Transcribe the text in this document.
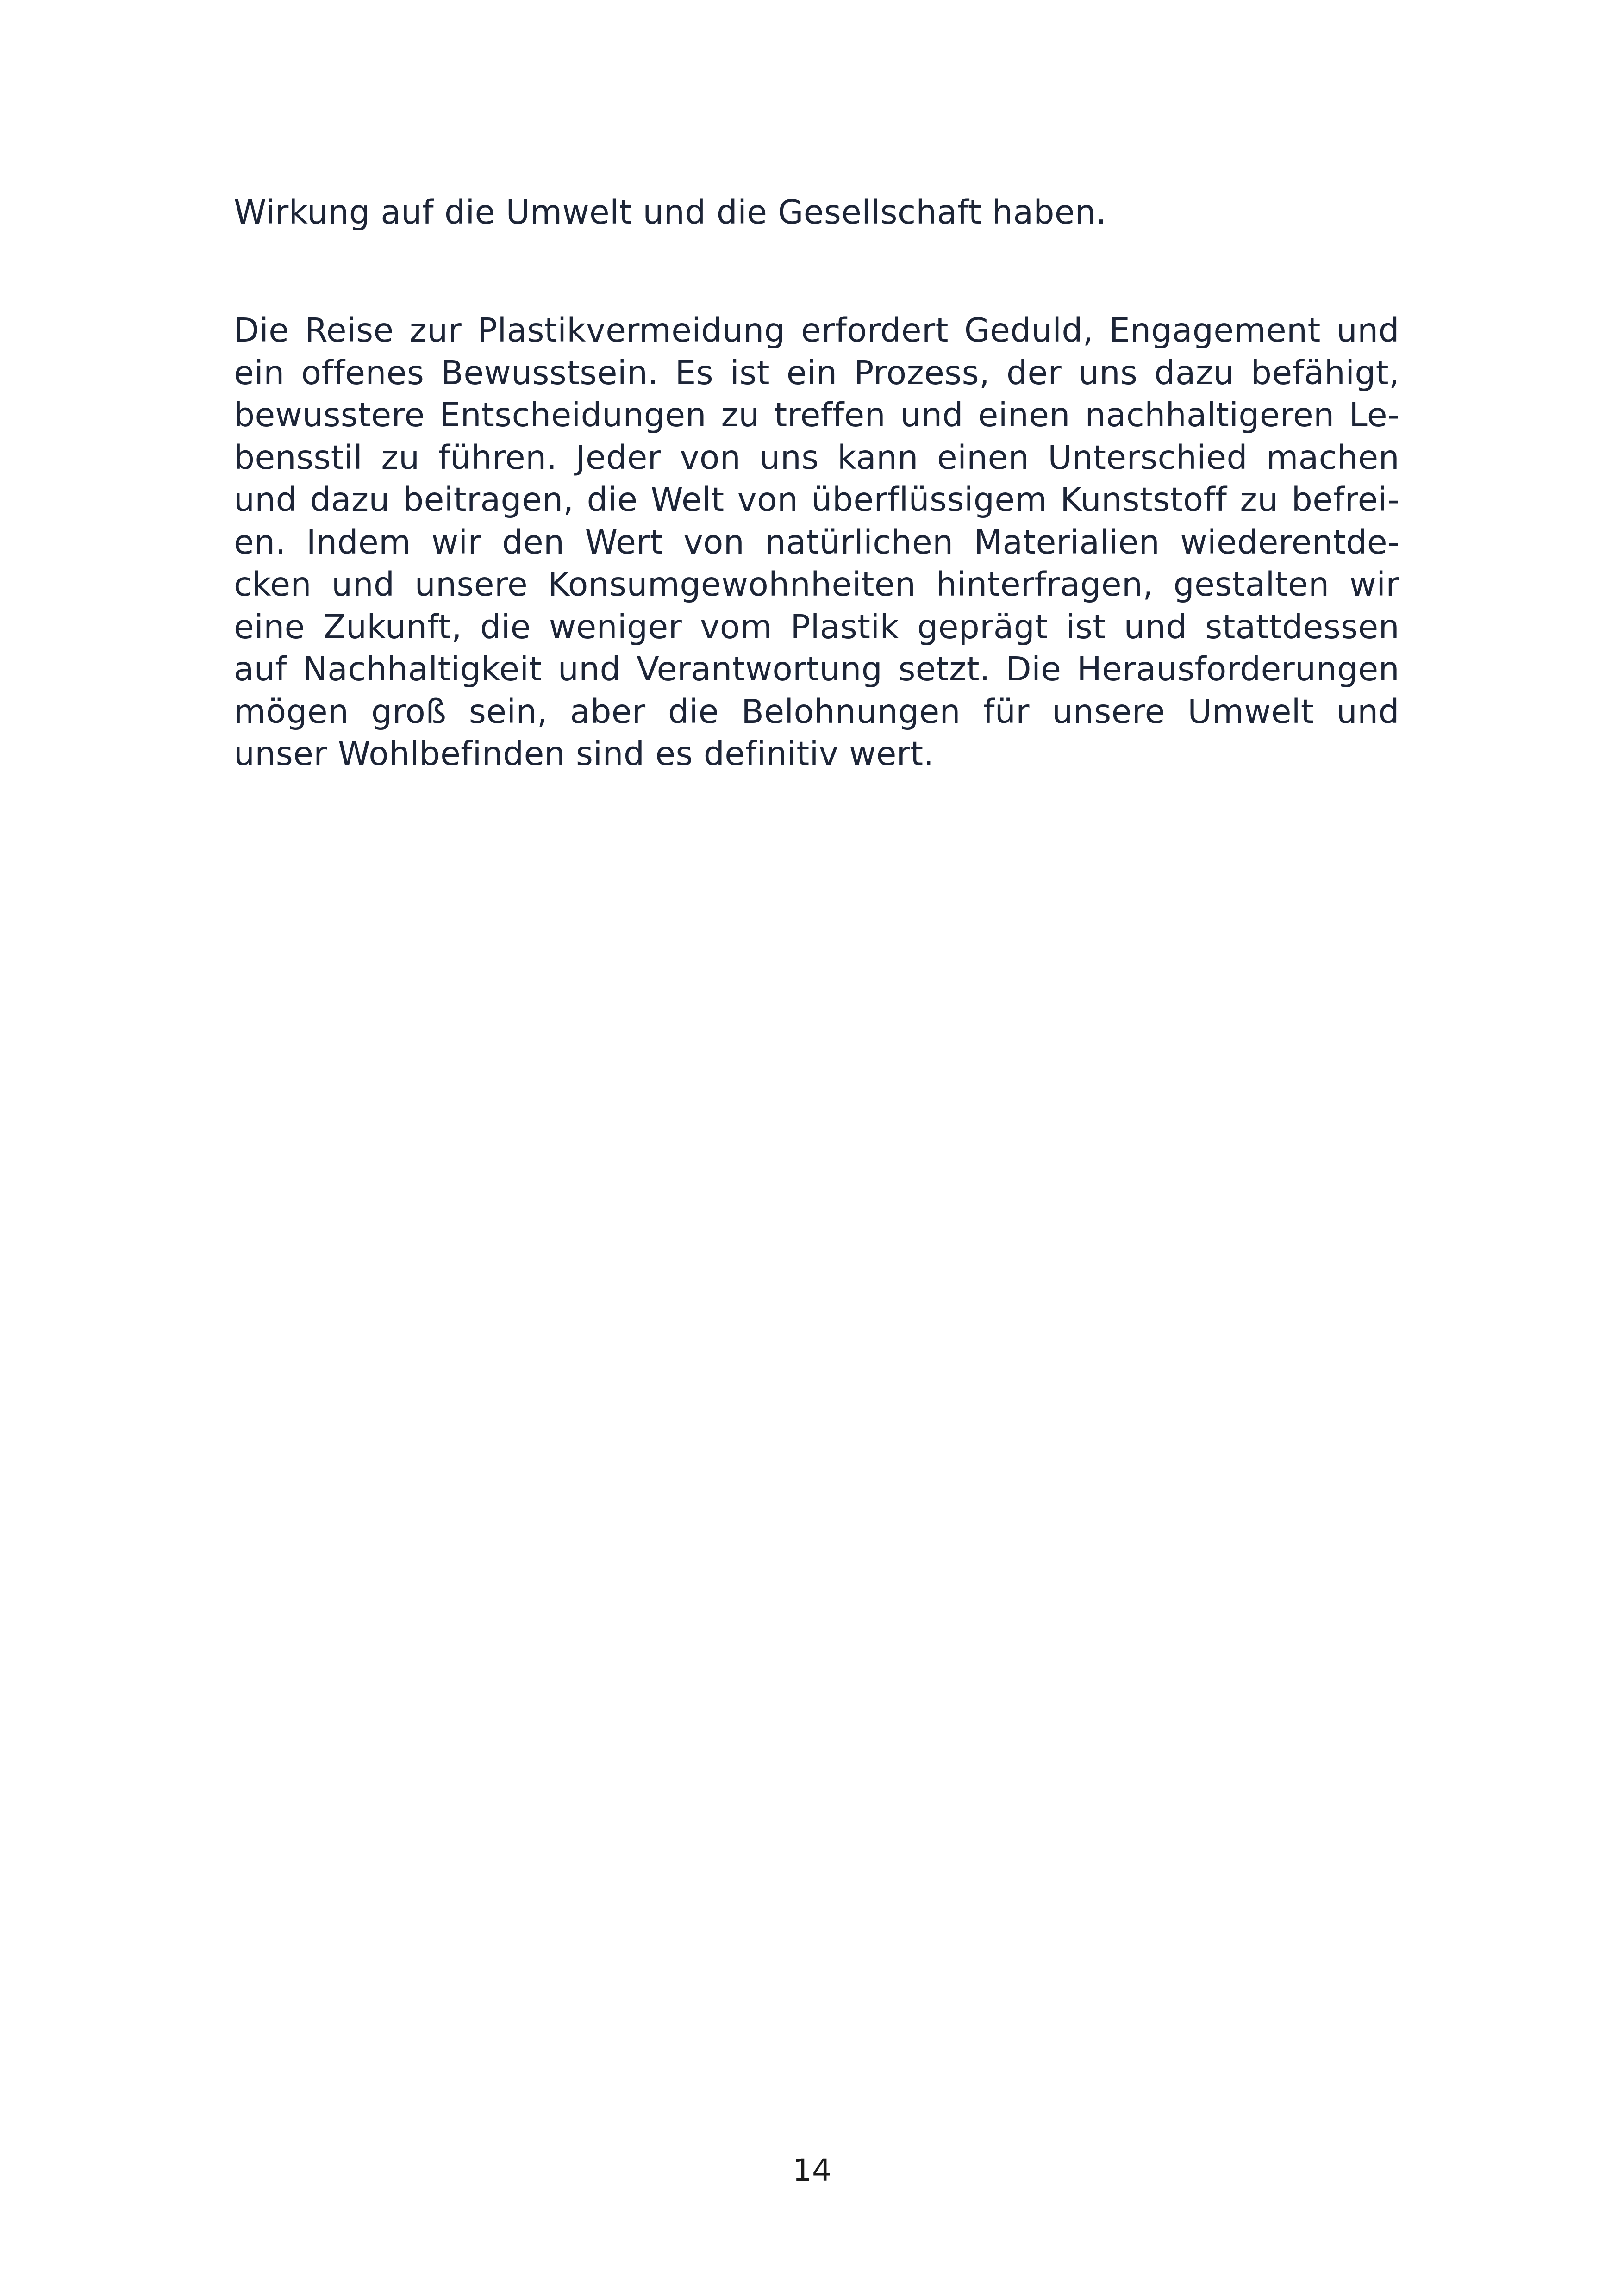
Wirkung auf die Umwelt und die Gesellschaft haben.

Die Reise zur Plastikvermeidung erfordert Geduld, Engagement und
ein offenes Bewusstsein. Es ist ein Prozess, der uns dazu befähigt,
bewusstere Entscheidungen zu treffen und einen nachhaltigeren Le-
bensstil zu führen. Jeder von uns kann einen Unterschied machen
und dazu beitragen, die Welt von überflüssigem Kunststoff zu befrei-
en. Indem wir den Wert von natürlichen Materialien wiederentde-
cken und unsere Konsumgewohnheiten hinterfragen, gestalten wir
eine Zukunft, die weniger vom Plastik geprägt ist und stattdessen
auf Nachhaltigkeit und Verantwortung setzt. Die Herausforderungen
mögen groß sein, aber die Belohnungen für unsere Umwelt und
unser Wohlbefinden sind es definitiv wert.
14
